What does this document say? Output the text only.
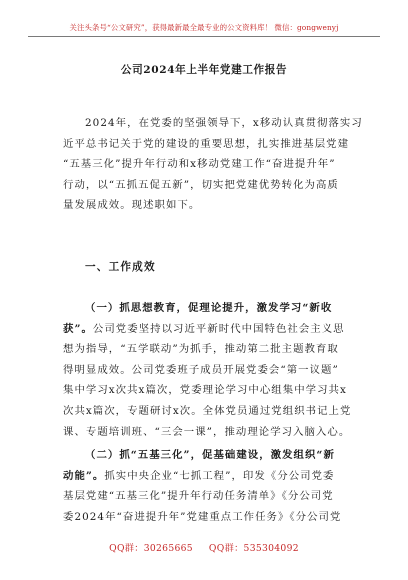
关注头条号“公文研究”，获得最新最全最专业的公文资料库！ 微信：gongwenyj
公司2024年上半年党建工作报告
2024年，在党委的坚强领导下，x移动认真贯彻落实习
近平总书记关于党的建设的重要思想，扎实推进基层党建
“五基三化”提升年行动和x移动党建工作“奋进提升年”
行动，以“五抓五促五新”，切实把党建优势转化为高质
量发展成效。现述职如下。
一、工作成效
（一）抓思想教育，促理论提升，激发学习“新收
获”。公司党委坚持以习近平新时代中国特色社会主义思
想为指导，“五学联动”为抓手，推动第二批主题教育取
得明显成效。公司党委班子成员开展党委会“第一议题”
集中学习x次共x篇次，党委理论学习中心组集中学习共x
次共x篇次，专题研讨x次。全体党员通过党组织书记上党
课、专题培训班、“三会一课”，推动理论学习入脑入心。
（二）抓“五基三化”，促基础建设，激发组织“新
动能”。抓实中央企业“七抓工程”，印发《分公司党委
基层党建“五基三化”提升年行动任务清单》《分公司党
委2024年“奋进提升年”党建重点工作任务》《分公司党
QQ群：30265665 QQ群：535304092
